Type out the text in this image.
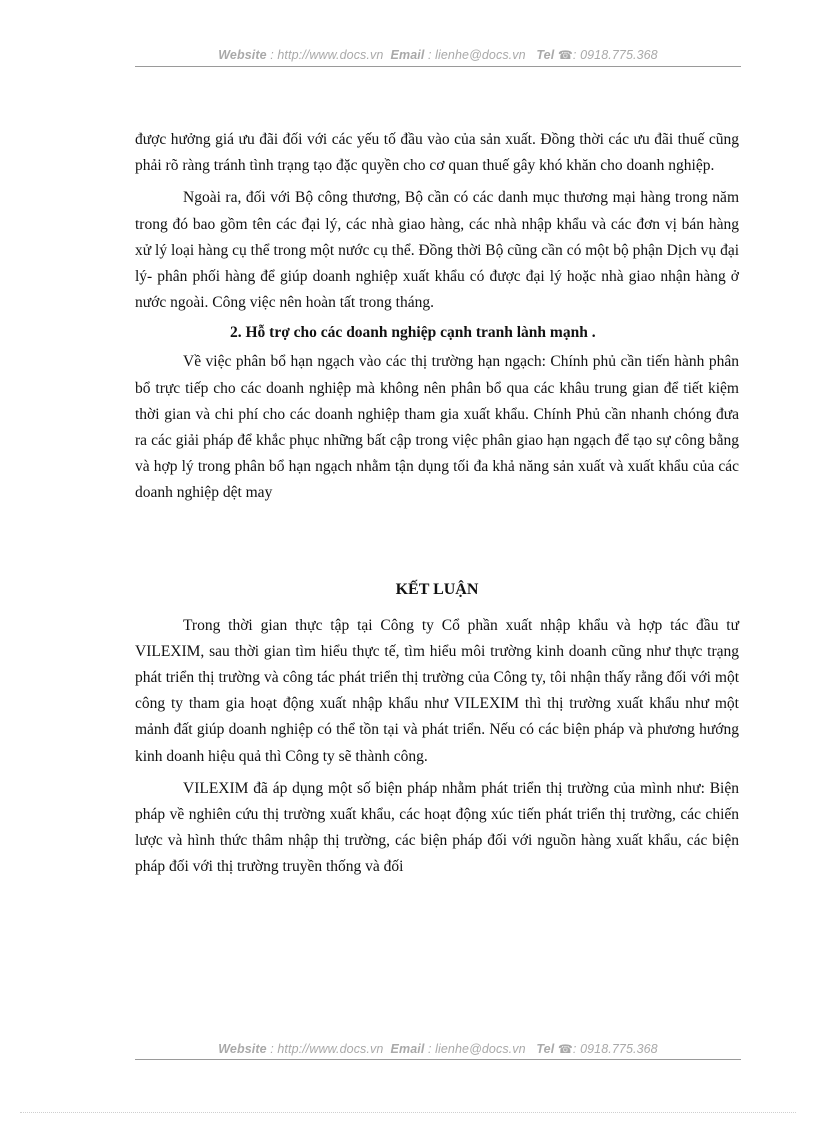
Website : http://www.docs.vn Email : lienhe@docs.vn Tel ☎: 0918.775.368

được hưởng giá ưu đãi đối với các yếu tố đầu vào của sản xuất. Đồng thời các ưu đãi thuế cũng phải rõ ràng tránh tình trạng tạo đặc quyền cho cơ quan thuế gây khó khăn cho doanh nghiệp.

Ngoài ra, đối với Bộ công thương, Bộ cần có các danh mục thương mại hàng trong năm trong đó bao gồm tên các đại lý, các nhà giao hàng, các nhà nhập khẩu và các đơn vị bán hàng xử lý loại hàng cụ thể trong một nước cụ thể. Đồng thời Bộ cũng cần có một bộ phận Dịch vụ đại lý- phân phối hàng để giúp doanh nghiệp xuất khẩu có được đại lý hoặc nhà giao nhận hàng ở nước ngoài. Công việc nên hoàn tất trong tháng.

2. Hỗ trợ cho các doanh nghiệp cạnh tranh lành mạnh .

Về việc phân bổ hạn ngạch vào các thị trường hạn ngạch: Chính phủ cần tiến hành phân bổ trực tiếp cho các doanh nghiệp mà không nên phân bổ qua các khâu trung gian để tiết kiệm thời gian và chi phí cho các doanh nghiệp tham gia xuất khẩu. Chính Phủ cần nhanh chóng đưa ra các giải pháp để khắc phục những bất cập trong việc phân giao hạn ngạch để tạo sự công bằng và hợp lý trong phân bổ hạn ngạch nhằm tận dụng tối đa khả năng sản xuất và xuất khẩu của các doanh nghiệp dệt may

KẾT LUẬN

Trong thời gian thực tập tại Công ty Cổ phần xuất nhập khẩu và hợp tác đầu tư VILEXIM, sau thời gian tìm hiểu thực tế, tìm hiểu môi trường kinh doanh cũng như thực trạng phát triển thị trường và công tác phát triển thị trường của Công ty, tôi nhận thấy rằng đối với một công ty tham gia hoạt động xuất nhập khẩu như VILEXIM thì thị trường xuất khẩu như một mảnh đất giúp doanh nghiệp có thể tồn tại và phát triển. Nếu có các biện pháp và phương hướng kinh doanh hiệu quả thì Công ty sẽ thành công.

VILEXIM đã áp dụng một số biện pháp nhằm phát triển thị trường của mình như: Biện pháp về nghiên cứu thị trường xuất khẩu, các hoạt động xúc tiến phát triển thị trường, các chiến lược và hình thức thâm nhập thị trường, các biện pháp đối với nguồn hàng xuất khẩu, các biện pháp đối với thị trường truyền thống và đối

Website : http://www.docs.vn Email : lienhe@docs.vn Tel ☎: 0918.775.368
